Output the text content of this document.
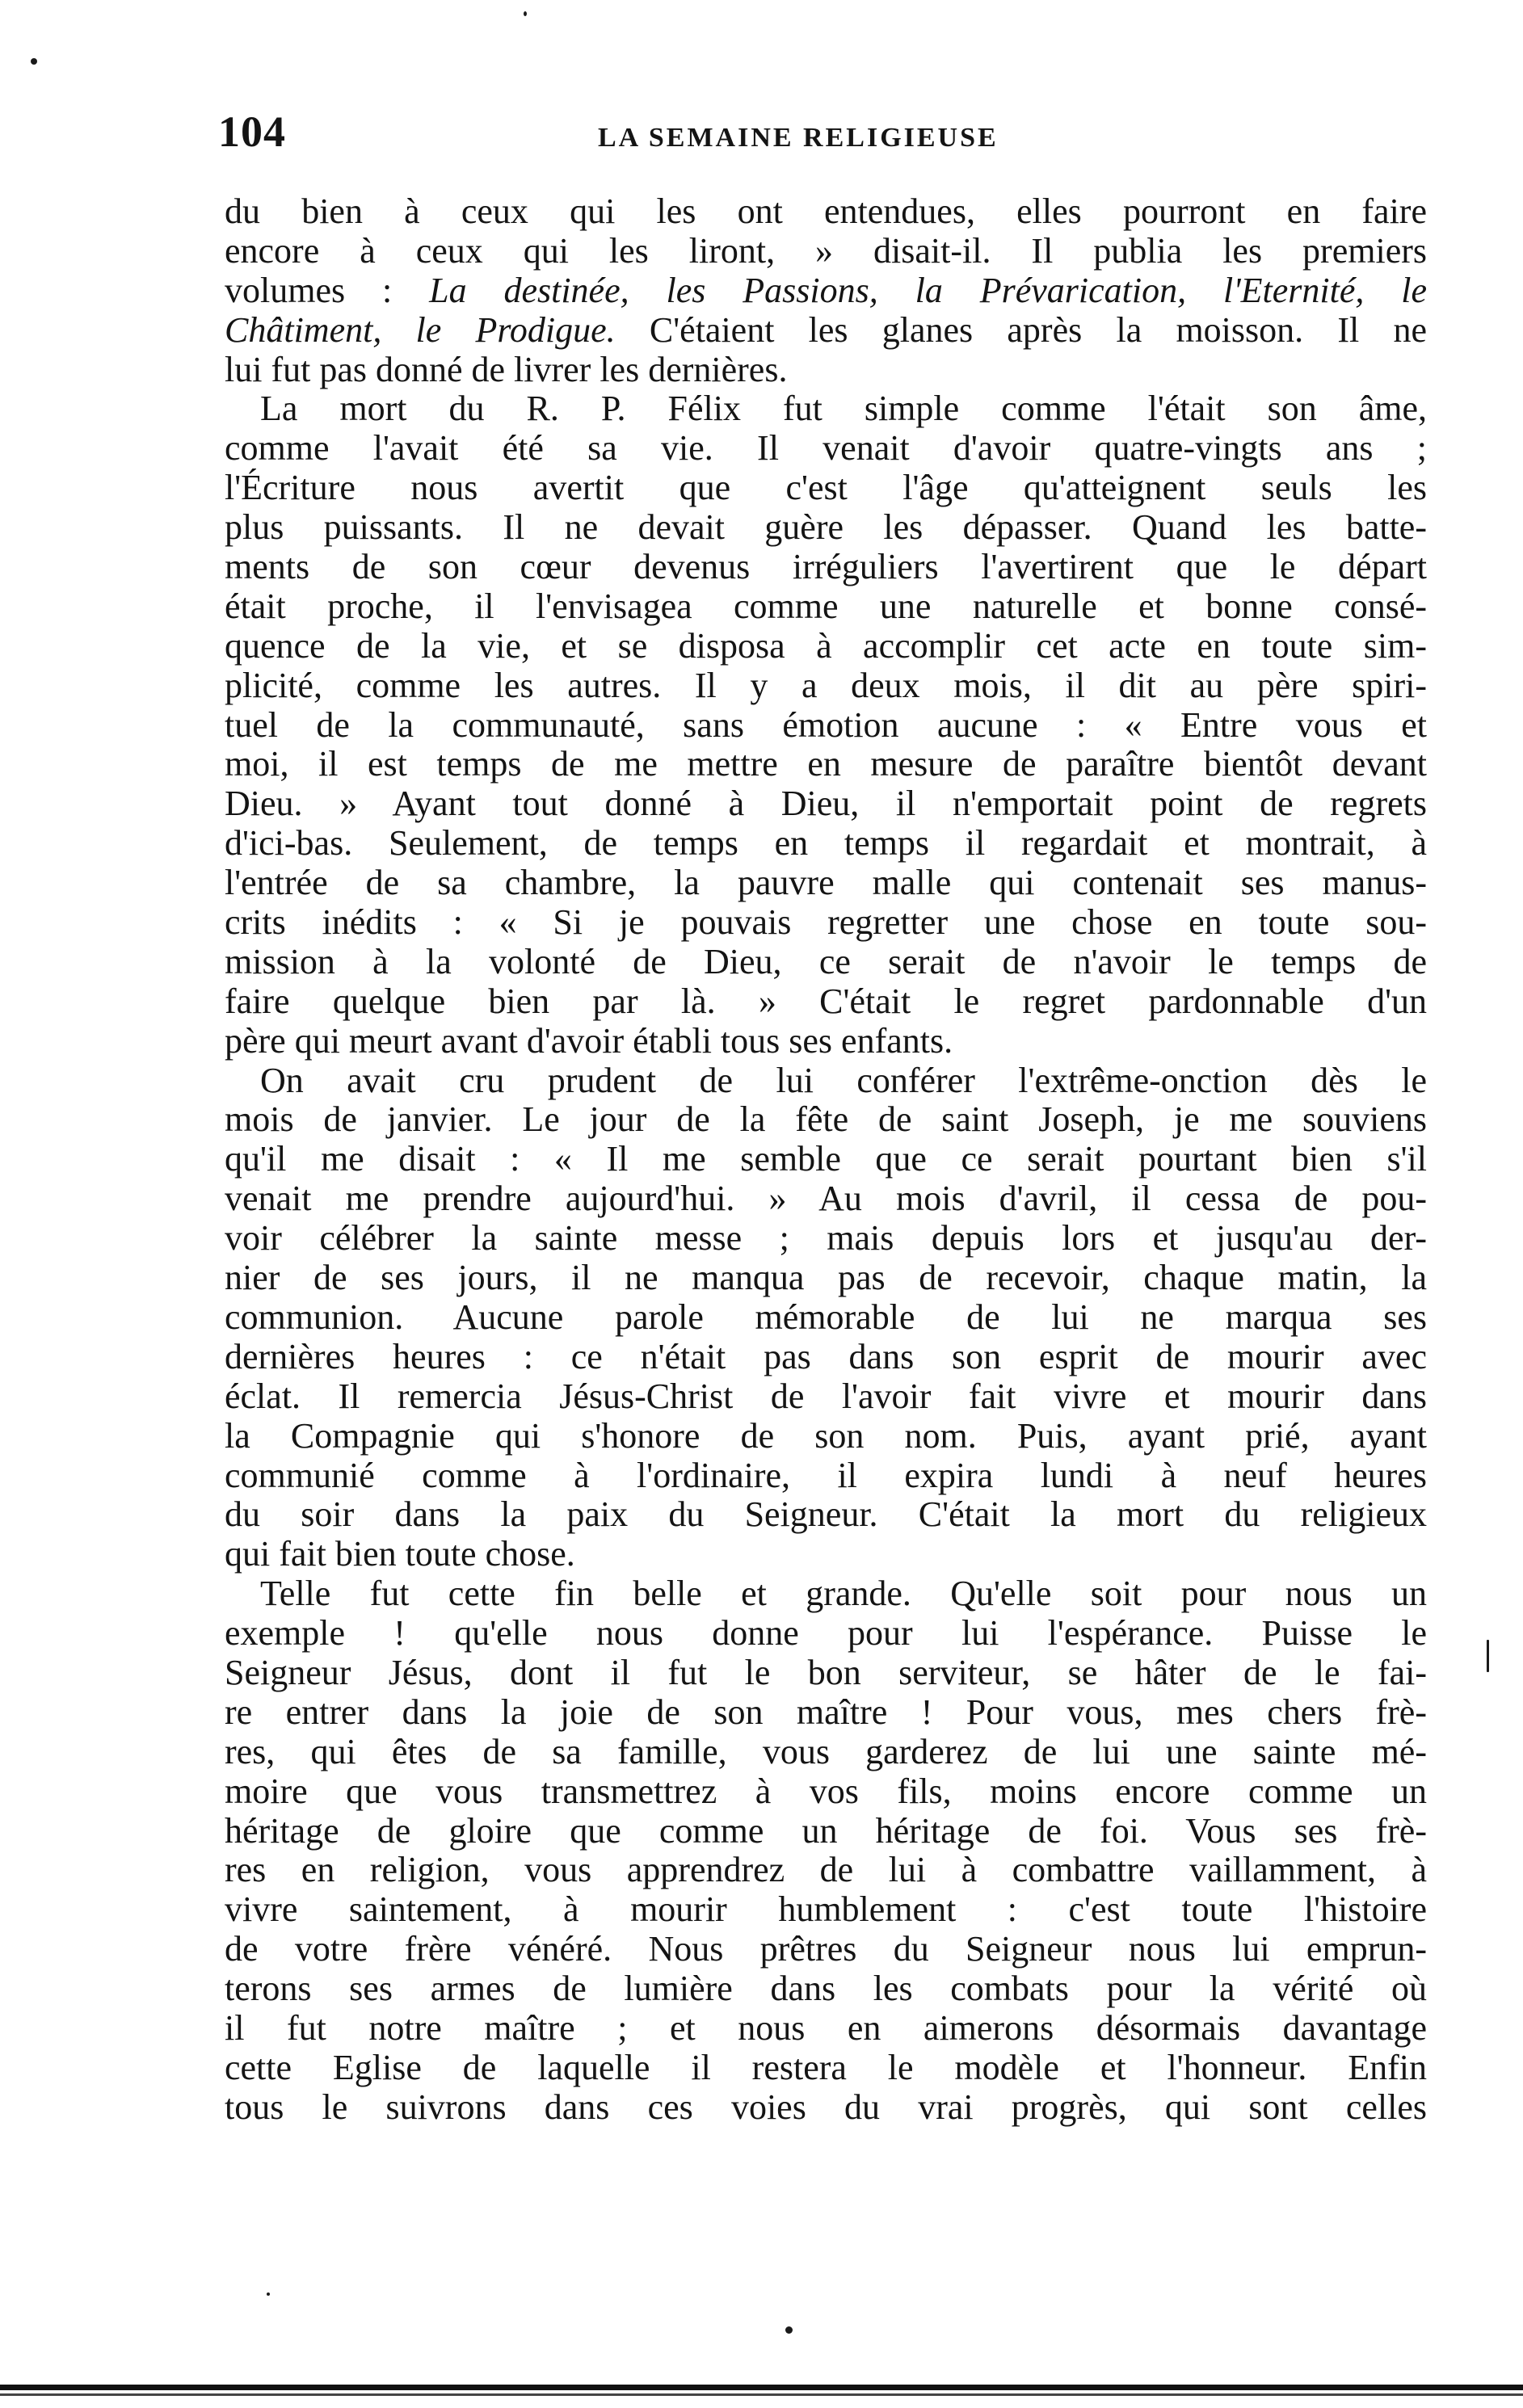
104	LA SEMAINE RELIGIEUSE
du bien à ceux qui les ont entendues, elles pourront en faire
encore à ceux qui les liront, » disait-il. Il publia les premiers
volumes : La destinée, les Passions, la Prévarication, l'Eternité, le
Châtiment, le Prodigue. C'étaient les glanes après la moisson. Il ne
lui fut pas donné de livrer les dernières.
La mort du R. P. Félix fut simple comme l'était son âme,
comme l'avait été sa vie. Il venait d'avoir quatre-vingts ans ;
l'Écriture nous avertit que c'est l'âge qu'atteignent seuls les
plus puissants. Il ne devait guère les dépasser. Quand les batte-
ments de son cœur devenus irréguliers l'avertirent que le départ
était proche, il l'envisagea comme une naturelle et bonne consé-
quence de la vie, et se disposa à accomplir cet acte en toute sim-
plicité, comme les autres. Il y a deux mois, il dit au père spiri-
tuel de la communauté, sans émotion aucune : « Entre vous et
moi, il est temps de me mettre en mesure de paraître bientôt devant
Dieu. » Ayant tout donné à Dieu, il n'emportait point de regrets
d'ici-bas. Seulement, de temps en temps il regardait et montrait, à
l'entrée de sa chambre, la pauvre malle qui contenait ses manus-
crits inédits : « Si je pouvais regretter une chose en toute sou-
mission à la volonté de Dieu, ce serait de n'avoir le temps de
faire quelque bien par là. » C'était le regret pardonnable d'un
père qui meurt avant d'avoir établi tous ses enfants.
On avait cru prudent de lui conférer l'extrême-onction dès le
mois de janvier. Le jour de la fête de saint Joseph, je me souviens
qu'il me disait : « Il me semble que ce serait pourtant bien s'il
venait me prendre aujourd'hui. » Au mois d'avril, il cessa de pou-
voir célébrer la sainte messe ; mais depuis lors et jusqu'au der-
nier de ses jours, il ne manqua pas de recevoir, chaque matin, la
communion. Aucune parole mémorable de lui ne marqua ses
dernières heures : ce n'était pas dans son esprit de mourir avec
éclat. Il remercia Jésus-Christ de l'avoir fait vivre et mourir dans
la Compagnie qui s'honore de son nom. Puis, ayant prié, ayant
communié comme à l'ordinaire, il expira lundi à neuf heures
du soir dans la paix du Seigneur. C'était la mort du religieux
qui fait bien toute chose.
Telle fut cette fin belle et grande. Qu'elle soit pour nous un
exemple ! qu'elle nous donne pour lui l'espérance. Puisse le
Seigneur Jésus, dont il fut le bon serviteur, se hâter de le fai-
re entrer dans la joie de son maître ! Pour vous, mes chers frè-
res, qui êtes de sa famille, vous garderez de lui une sainte mé-
moire que vous transmettrez à vos fils, moins encore comme un
héritage de gloire que comme un héritage de foi. Vous ses frè-
res en religion, vous apprendrez de lui à combattre vaillamment, à
vivre saintement, à mourir humblement : c'est toute l'histoire
de votre frère vénéré. Nous prêtres du Seigneur nous lui emprun-
terons ses armes de lumière dans les combats pour la vérité où
il fut notre maître ; et nous en aimerons désormais davantage
cette Eglise de laquelle il restera le modèle et l'honneur. Enfin
tous le suivrons dans ces voies du vrai progrès, qui sont celles
